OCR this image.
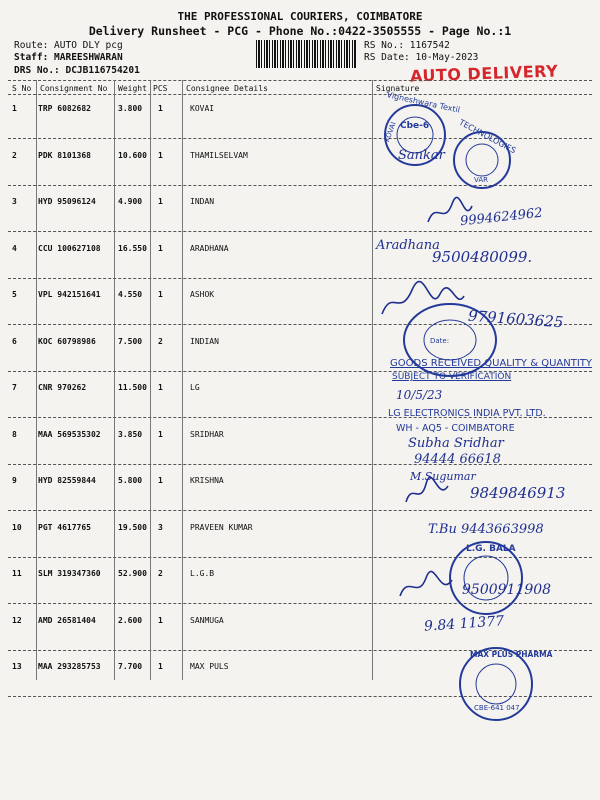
THE PROFESSIONAL COURIERS, COIMBATORE
Delivery Runsheet - PCG - Phone No.:0422-3505555 - Page No.:1
Route: AUTO DLY pcg
Staff: MAREESHWARAN
DRS No.: DCJB116754201
RS No.: 1167542
RS Date: 10-May-2023
AUTO DELIVERY
S No Consignment No Weight PCS Consignee Details	Signature
1	TRP 6082682	3.800 1	KOVAI
2	PDK 8101368	10.600 1	THAMILSELVAM
3	HYD 95096124	4.900 1	INDAN
4	CCU 100627108 16.550 1	ARADHANA
5	VPL 942151641 4.550 1	ASHOK
6	KOC 60798986	7.500 2	INDIAN
7	CNR 970262	11.500 1	LG
8	MAA 569535302 3.850 1	SRIDHAR
9	HYD 82559844	5.800 1	KRISHNA
10 PGT 4617765	19.500 3	PRAVEEN KUMAR
11 SLM 319347360 52.900 2	L.G.B
12 AMD 26581404	2.600 1	SANMUGA
13 MAA 293285753 7.700 1	MAX PULS
Vigneshwara Textil
KOVAI Cbe-6	TECHNOLOGIES
VAR
Sankar
9994624962
Aradhana
9500480099.
Date:
9791603625
GOODS RECEIVED QUALITY & QUANTITY
SUBJECT TO VERIFICATION
10/5/23
LG ELECTRONICS INDIA PVT. LTD.
WH - AQ5 - COIMBATORE
Subha Sridhar
94444 66618
M.Sugumar
9849846913
T.Bu 9443663998
L.G. BALA
9500911908
9.84 11377
MAX PLUS PHARMA
CBE-641 047
